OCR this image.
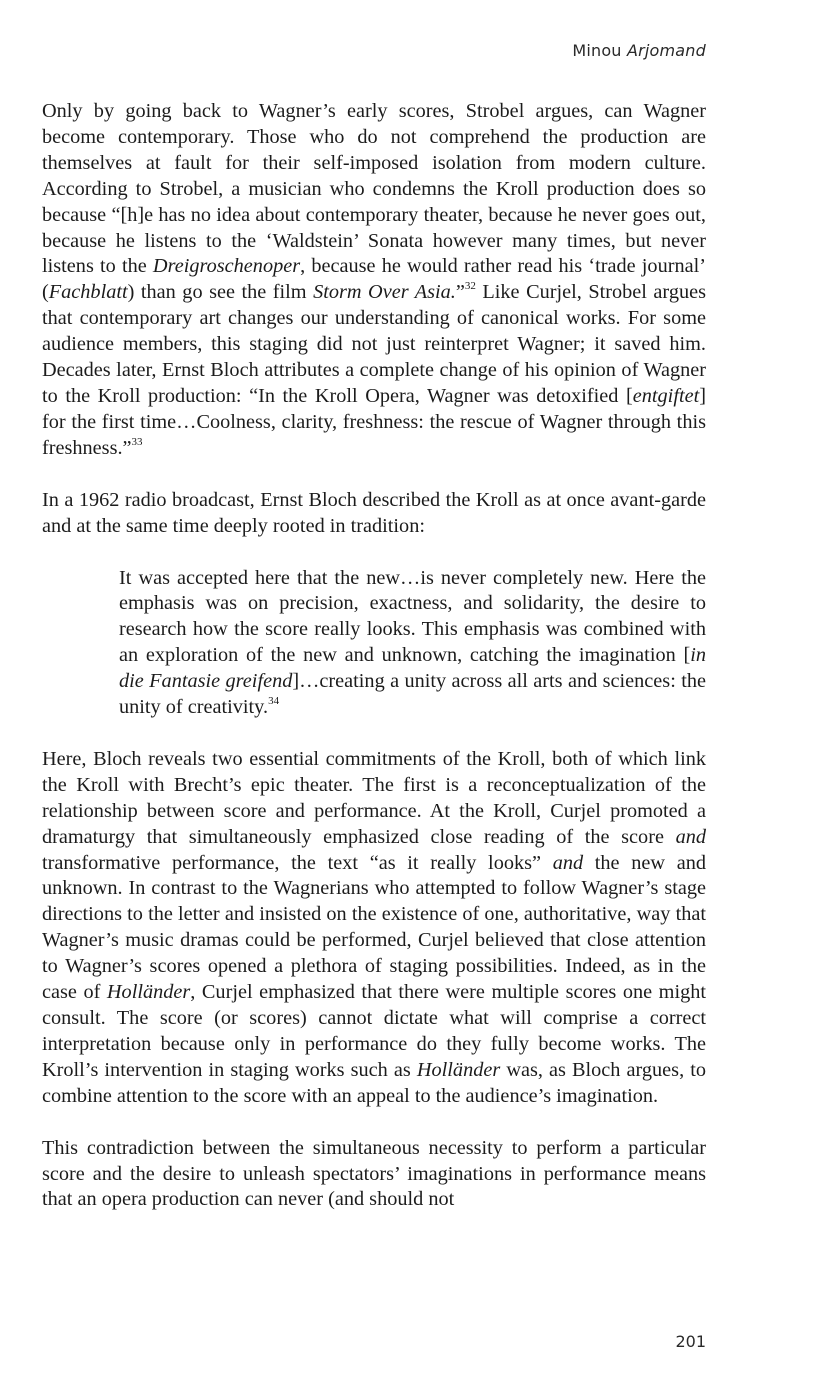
Minou Arjomand

Only by going back to Wagner’s early scores, Strobel argues, can Wagner become contemporary. Those who do not comprehend the production are themselves at fault for their self-imposed isolation from modern culture. According to Strobel, a musician who condemns the Kroll production does so because “[h]e has no idea about contemporary theater, because he never goes out, because he listens to the ‘Waldstein’ Sonata however many times, but never listens to the Dreigroschenoper, because he would rather read his ‘trade journal’ (Fachblatt) than go see the film Storm Over Asia.”$^{32}$ Like Curjel, Strobel argues that contemporary art changes our understanding of canonical works. For some audience members, this staging did not just reinterpret Wagner; it saved him. Decades later, Ernst Bloch attributes a complete change of his opinion of Wagner to the Kroll production: “In the Kroll Opera, Wagner was detoxified [entgiftet] for the first time…Coolness, clarity, freshness: the rescue of Wagner through this freshness.”$^{33}$

In a 1962 radio broadcast, Ernst Bloch described the Kroll as at once avant-garde and at the same time deeply rooted in tradition:

It was accepted here that the new…is never completely new. Here the emphasis was on precision, exactness, and solidarity, the desire to research how the score really looks. This emphasis was combined with an exploration of the new and unknown, catching the imagination [in die Fantasie greifend]…creating a unity across all arts and sciences: the unity of creativity.$^{34}$

Here, Bloch reveals two essential commitments of the Kroll, both of which link the Kroll with Brecht’s epic theater. The first is a reconceptualization of the relationship between score and performance. At the Kroll, Curjel promoted a dramaturgy that simultaneously emphasized close reading of the score and transformative performance, the text “as it really looks” and the new and unknown. In contrast to the Wagnerians who attempted to follow Wagner’s stage directions to the letter and insisted on the existence of one, authoritative, way that Wagner’s music dramas could be performed, Curjel believed that close attention to Wagner’s scores opened a plethora of staging possibilities. Indeed, as in the case of Holländer, Curjel emphasized that there were multiple scores one might consult. The score (or scores) cannot dictate what will comprise a correct interpretation because only in performance do they fully become works. The Kroll’s intervention in staging works such as Holländer was, as Bloch argues, to combine attention to the score with an appeal to the audience’s imagination.

This contradiction between the simultaneous necessity to perform a particular score and the desire to unleash spectators’ imaginations in performance means that an opera production can never (and should not

201
